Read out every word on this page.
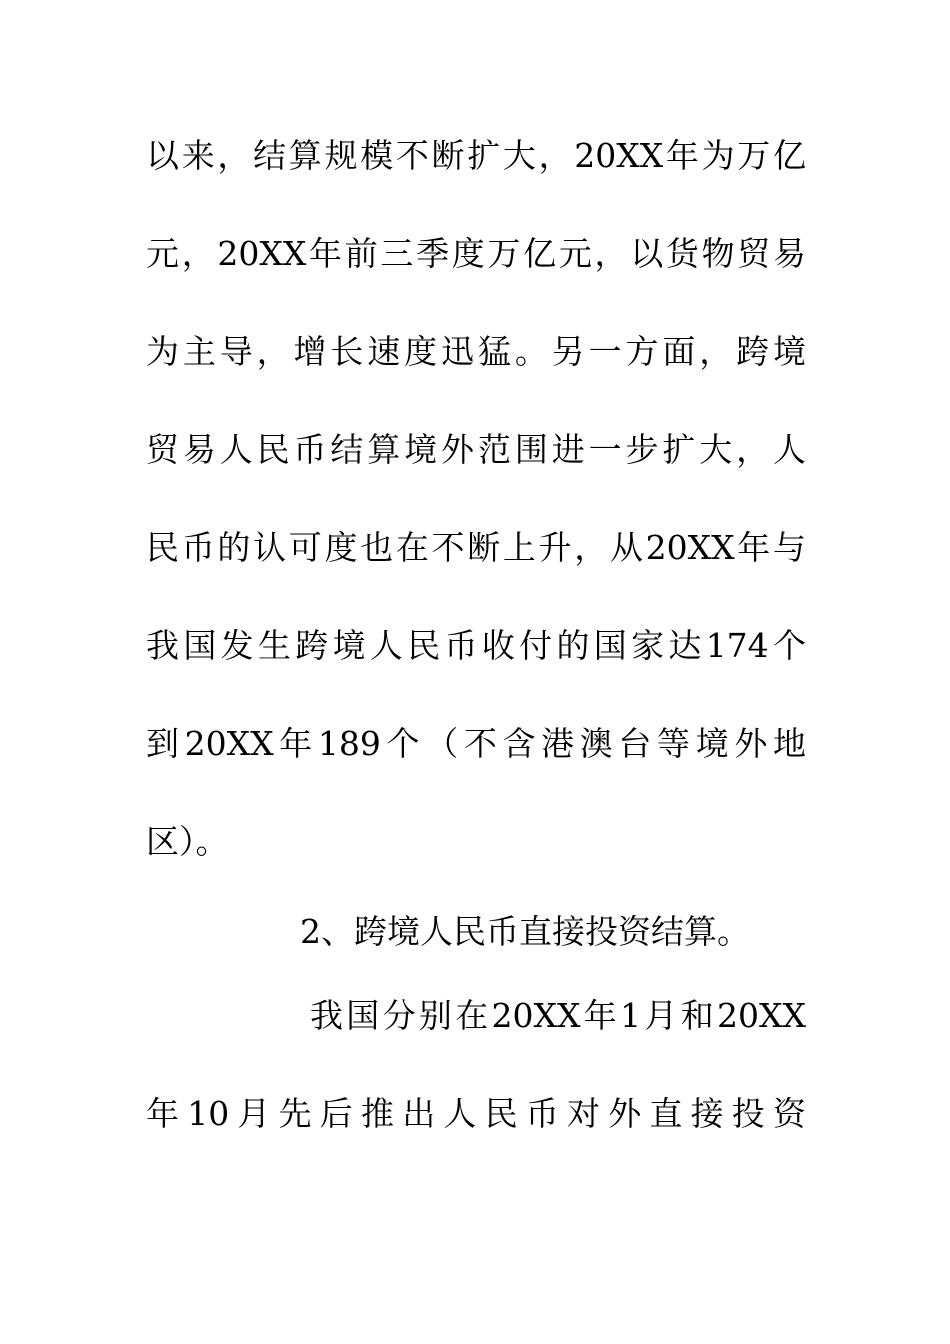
以来，结算规模不断扩大，20XX年为万亿
元，20XX年前三季度万亿元，以货物贸易
为主导，增长速度迅猛。另一方面，跨境
贸易人民币结算境外范围进一步扩大，人
民币的认可度也在不断上升，从20XX年与
我国发生跨境人民币收付的国家达174个
到20XX年189个（不含港澳台等境外地
区）。
2、跨境人民币直接投资结算。
我国分别在20XX年1月和20XX
年10月先后推出人民币对外直接投资
